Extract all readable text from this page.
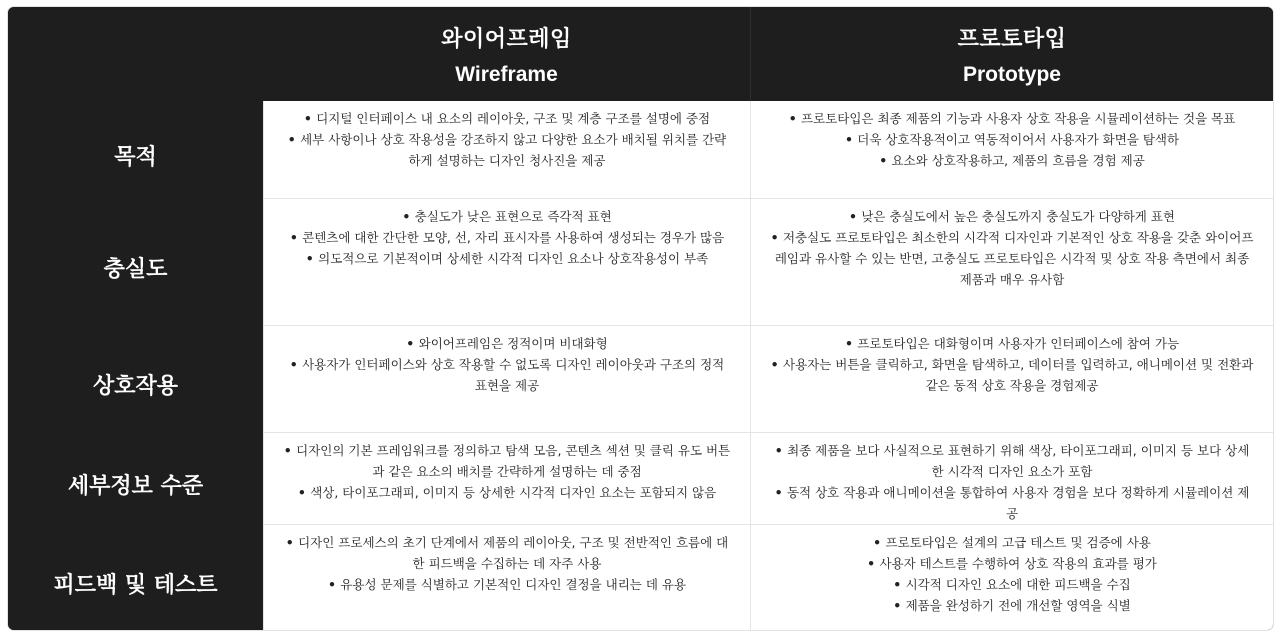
와이어프레임
Wireframe
프로토타입
Prototype
목적
• 디지털 인터페이스 내 요소의 레이아웃, 구조 및 계층 구조를 설명에 중점
• 세부 사항이나 상호 작용성을 강조하지 않고 다양한 요소가 배치될 위치를 간략하게 설명하는 디자인 청사진을 제공
• 프로토타입은 최종 제품의 기능과 사용자 상호 작용을 시뮬레이션하는 것을 목표
• 더욱 상호작용적이고 역동적이어서 사용자가 화면을 탐색하
• 요소와 상호작용하고, 제품의 흐름을 경험 제공
충실도
• 충실도가 낮은 표현으로 즉각적 표현
• 콘텐츠에 대한 간단한 모양, 선, 자리 표시자를 사용하여 생성되는 경우가 많음
• 의도적으로 기본적이며 상세한 시각적 디자인 요소나 상호작용성이 부족
• 낮은 충실도에서 높은 충실도까지 충실도가 다양하게 표현
• 저충실도 프로토타입은 최소한의 시각적 디자인과 기본적인 상호 작용을 갖춘 와이어프레임과 유사할 수 있는 반면, 고충실도 프로토타입은 시각적 및 상호 작용 측면에서 최종 제품과 매우 유사함
상호작용
• 와이어프레임은 정적이며 비대화형
• 사용자가 인터페이스와 상호 작용할 수 없도록 디자인 레이아웃과 구조의 정적 표현을 제공
• 프로토타입은 대화형이며 사용자가 인터페이스에 참여 가능
• 사용자는 버튼을 클릭하고, 화면을 탐색하고, 데이터를 입력하고, 애니메이션 및 전환과 같은 동적 상호 작용을 경험제공
세부정보 수준
• 디자인의 기본 프레임워크를 정의하고 탐색 모음, 콘텐츠 섹션 및 클릭 유도 버튼과 같은 요소의 배치를 간략하게 설명하는 데 중점
• 색상, 타이포그래피, 이미지 등 상세한 시각적 디자인 요소는 포함되지 않음
• 최종 제품을 보다 사실적으로 표현하기 위해 색상, 타이포그래피, 이미지 등 보다 상세한 시각적 디자인 요소가 포함
• 동적 상호 작용과 애니메이션을 통합하여 사용자 경험을 보다 정확하게 시뮬레이션 제공
피드백 및 테스트
• 디자인 프로세스의 초기 단계에서 제품의 레이아웃, 구조 및 전반적인 흐름에 대한 피드백을 수집하는 데 자주 사용
• 유용성 문제를 식별하고 기본적인 디자인 결정을 내리는 데 유용
• 프로토타입은 설계의 고급 테스트 및 검증에 사용
• 사용자 테스트를 수행하여 상호 작용의 효과를 평가
• 시각적 디자인 요소에 대한 피드백을 수집
• 제품을 완성하기 전에 개선할 영역을 식별
